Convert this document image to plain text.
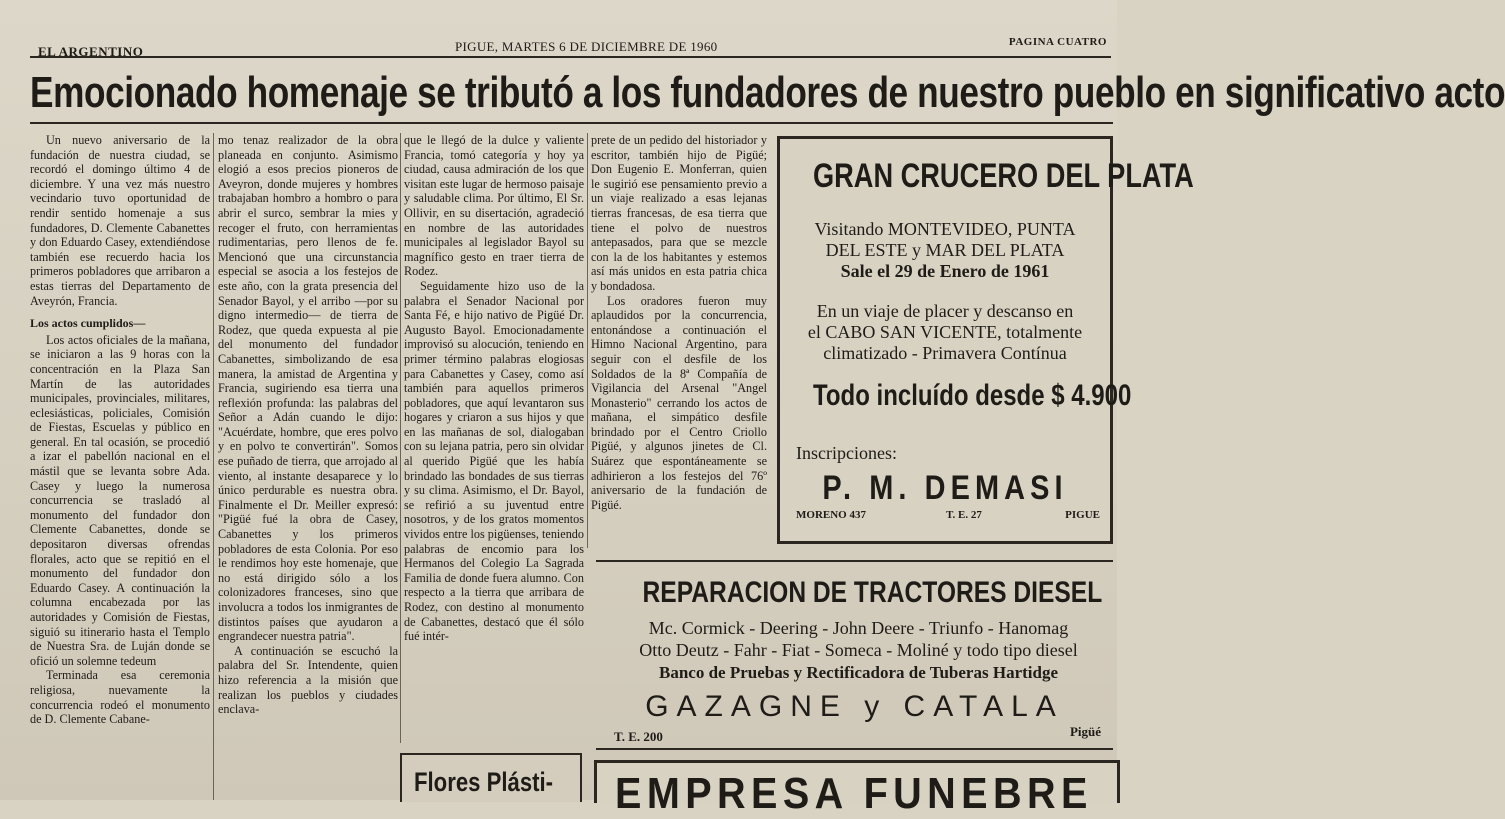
EL ARGENTINO	PIGUE, MARTES 6 DE DICIEMBRE DE 1960	PAGINA CUATRO
Emocionado homenaje se tributó a los fundadores de nuestro pueblo en significativo acto

Un nuevo aniversario de la fundación de nuestra ciudad, se recordó el domingo último 4 de diciembre. Y una vez más nuestro vecindario tuvo oportunidad de rendir sentido homenaje a sus fundadores, D. Clemente Cabanettes y don Eduardo Casey, extendiéndose también ese recuerdo hacia los primeros pobladores que arribaron a estas tierras del Departamento de Aveyrón, Francia.

Los actos cumplidos—

Los actos oficiales de la mañana, se iniciaron a las 9 horas con la concentración en la Plaza San Martín de las autoridades municipales, provinciales, militares, eclesiásticas, policiales, Comisión de Fiestas, Escuelas y público en general. En tal ocasión, se procedió a izar el pabellón nacional en el mástil que se levanta sobre Ada. Casey y luego la numerosa concurrencia se trasladó al monumento del fundador don Clemente Cabanettes, donde se depositaron diversas ofrendas florales, acto que se repitió en el monumento del fundador don Eduardo Casey. A continuación la columna encabezada por las autoridades y Comisión de Fiestas, siguió su itinerario hasta el Templo de Nuestra Sra. de Luján donde se ofició un solemne tedeum

Terminada esa ceremonia religiosa, nuevamente la concurrencia rodeó el monumento de D. Clemente Cabane-

mo tenaz realizador de la obra planeada en conjunto. Asimismo elogió a esos precios pioneros de Aveyron, donde mujeres y hombres trabajaban hombro a hombro o para abrir el surco, sembrar la mies y recoger el fruto, con herramientas rudimentarias, pero llenos de fe. Mencionó que una circunstancia especial se asocia a los festejos de este año, con la grata presencia del Senador Bayol, y el arribo —por su digno intermedio— de tierra de Rodez, que queda expuesta al pie del monumento del fundador Cabanettes, simbolizando de esa manera, la amistad de Argentina y Francia, sugiriendo esa tierra una reflexión profunda: las palabras del Señor a Adán cuando le dijo: "Acuérdate, hombre, que eres polvo y en polvo te convertirán". Somos ese puñado de tierra, que arrojado al viento, al instante desaparece y lo único perdurable es nuestra obra. Finalmente el Dr. Meiller expresó: "Pigüé fué la obra de Casey, Cabanettes y los primeros pobladores de esta Colonia. Por eso le rendimos hoy este homenaje, que no está dirigido sólo a los colonizadores franceses, sino que involucra a todos los inmigrantes de distintos países que ayudaron a engrandecer nuestra patria".

A continuación se escuchó la palabra del Sr. Intendente, quien hizo referencia a la misión que realizan los pueblos y ciudades enclava-

que le llegó de la dulce y valiente Francia, tomó categoría y hoy ya ciudad, causa admiración de los que visitan este lugar de hermoso paisaje y saludable clima. Por último, El Sr. Ollivir, en su disertación, agradeció en nombre de las autoridades municipales al legislador Bayol su magnífico gesto en traer tierra de Rodez.

Seguidamente hizo uso de la palabra el Senador Nacional por Santa Fé, e hijo nativo de Pigüé Dr. Augusto Bayol. Emocionadamente improvisó su alocución, teniendo en primer término palabras elogiosas para Cabanettes y Casey, como así también para aquellos primeros pobladores, que aquí levantaron sus hogares y criaron a sus hijos y que en las mañanas de sol, dialogaban con su lejana patria, pero sin olvidar al querido Pigüé que les había brindado las bondades de sus tierras y su clima. Asimismo, el Dr. Bayol, se refirió a su juventud entre nosotros, y de los gratos momentos vividos entre los pigüenses, teniendo palabras de encomio para los Hermanos del Colegio La Sagrada Familia de donde fuera alumno. Con respecto a la tierra que arribara de Rodez, con destino al monumento de Cabanettes, destacó que él sólo fué intér-

prete de un pedido del historiador y escritor, también hijo de Pigüé; Don Eugenio E. Monferran, quien le sugirió ese pensamiento previo a un viaje realizado a esas lejanas tierras francesas, de esa tierra que tiene el polvo de nuestros antepasados, para que se mezcle con la de los habitantes y estemos así más unidos en esta patria chica y bondadosa.

Los oradores fueron muy aplaudidos por la concurrencia, entonándose a continuación el Himno Nacional Argentino, para seguir con el desfile de los Soldados de la 8ª Compañía de Vigilancia del Arsenal "Angel Monasterio" cerrando los actos de mañana, el simpático desfile brindado por el Centro Criollo Pigüé, y algunos jinetes de Cl. Suárez que espontáneamente se adhirieron a los festejos del 76º aniversario de la fundación de Pigüé.

Flores Plásti-
GRAN CRUCERO DEL PLATA
Visitando MONTEVIDEO, PUNTA
DEL ESTE y MAR DEL PLATA
Sale el 29 de Enero de 1961
En un viaje de placer y descanso en
el CABO SAN VICENTE, totalmente
climatizado - Primavera Contínua
Todo incluído desde $ 4.900
Inscripciones:
P. M. DEMASI
MORENO 437	T. E. 27	PIGUE
REPARACION DE TRACTORES DIESEL
Mc. Cormick - Deering - John Deere - Triunfo - Hanomag
Otto Deutz - Fahr - Fiat - Someca - Moliné y todo tipo diesel
Banco de Pruebas y Rectificadora de Tuberas Hartidge
GAZAGNE y CATALA
T. E. 200	Pigüé
EMPRESA FUNEBRE
